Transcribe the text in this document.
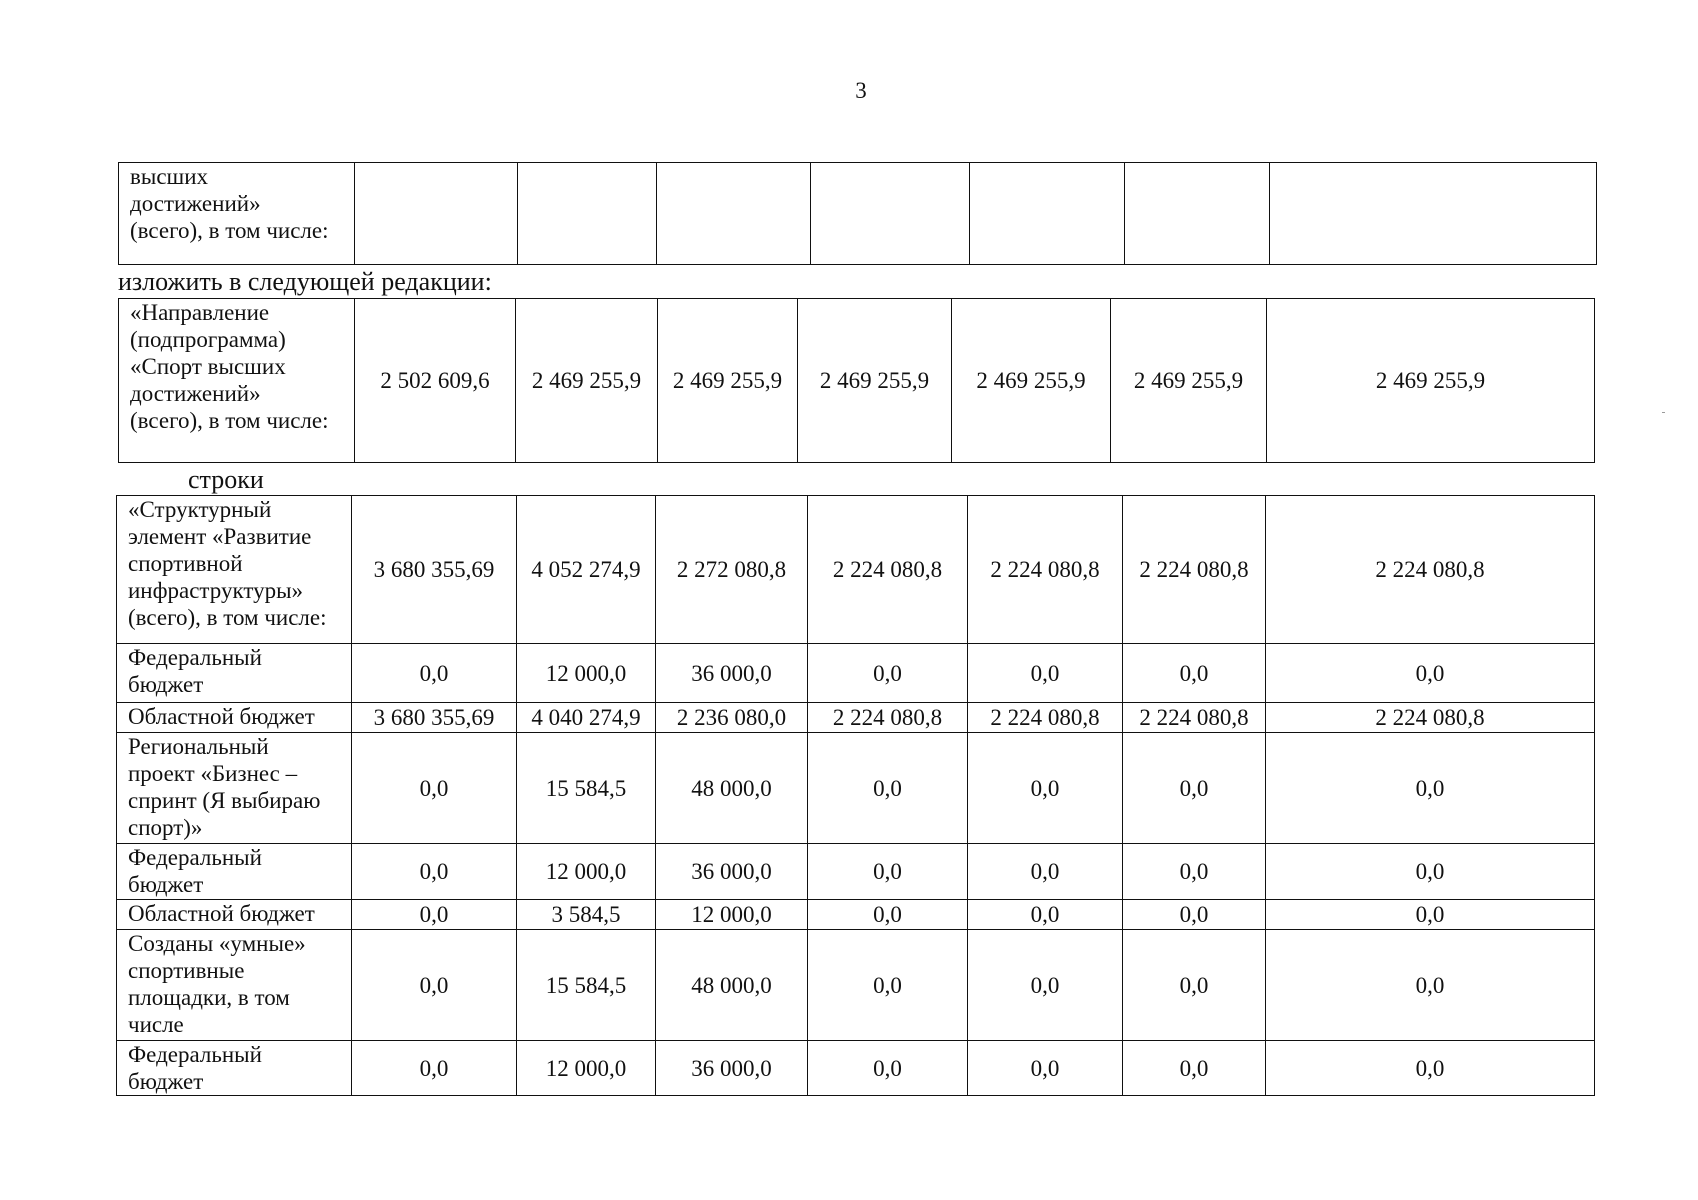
3
высших
достижений»
(всего), в том числе:

изложить в следующей редакции:
«Направление
(подпрограмма)
«Спорт высших
достижений»
(всего), в том числе:
	2 502 609,6	2 469 255,9	2 469 255,9	2 469 255,9	2 469 255,9	2 469 255,9	2 469 255,9	
строки
«Структурный
элемент «Развитие
спортивной
инфраструктуры»
(всего), в том числе:	3 680 355,69	4 052 274,9	2 272 080,8	2 224 080,8	2 224 080,8	2 224 080,8	2 224 080,8	

Федеральный
бюджет	0,0	12 000,0	36 000,0	0,0	0,0	0,0	0,0	

Областной бюджет	3 680 355,69	4 040 274,9	2 236 080,0	2 224 080,8	2 224 080,8	2 224 080,8	2 224 080,8	

Региональный
проект «Бизнес –
спринт (Я выбираю
спорт)»	0,0	15 584,5	48 000,0	0,0	0,0	0,0	0,0	

Федеральный
бюджет	0,0	12 000,0	36 000,0	0,0	0,0	0,0	0,0	

Областной бюджет	0,0	3 584,5	12 000,0	0,0	0,0	0,0	0,0	

Созданы «умные»
спортивные
площадки, в том
числе	0,0	15 584,5	48 000,0	0,0	0,0	0,0	0,0	

Федеральный
бюджет	0,0	12 000,0	36 000,0	0,0	0,0	0,0	0,0	
